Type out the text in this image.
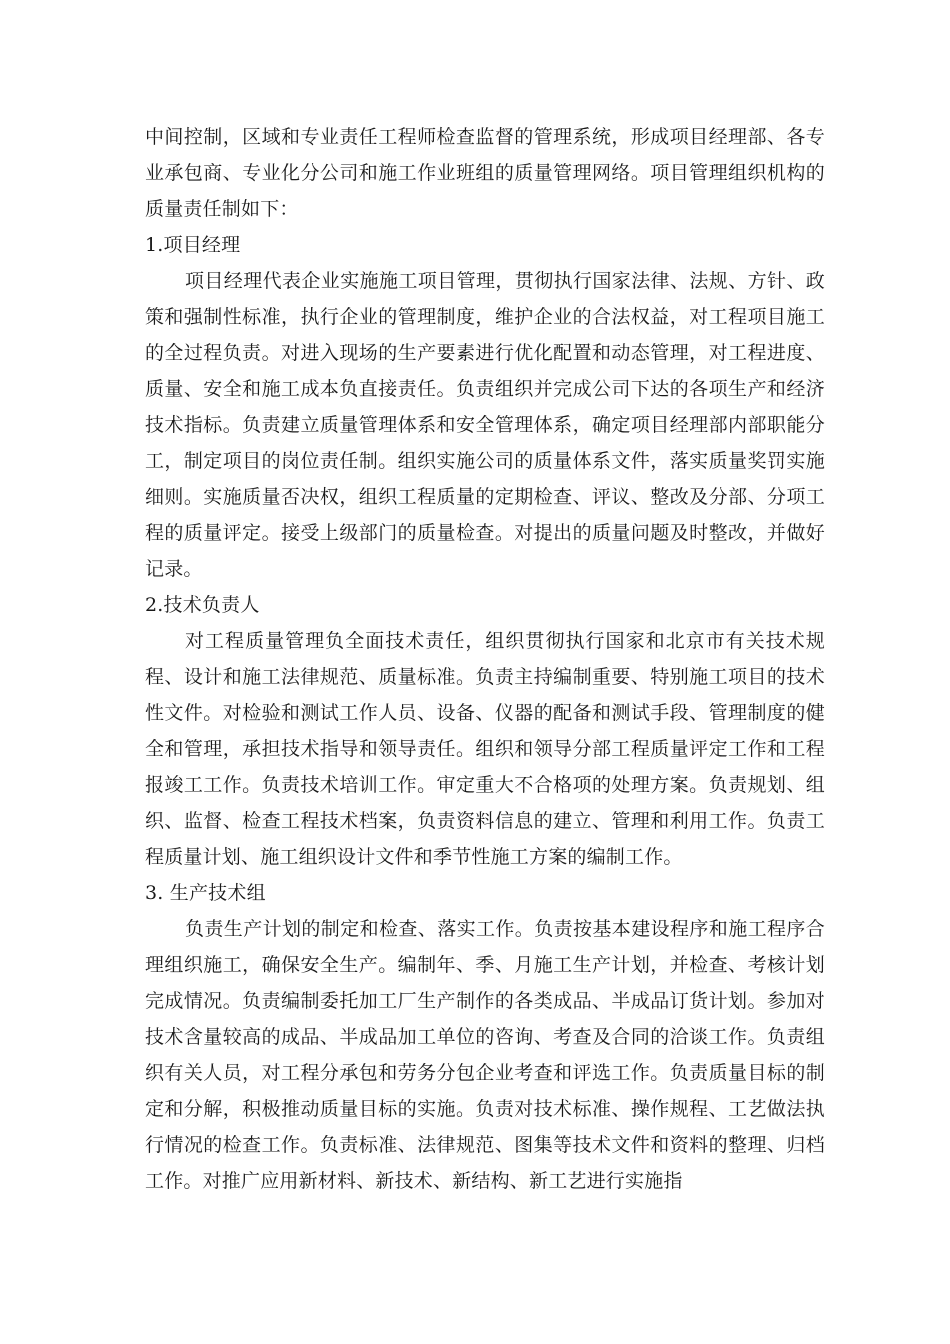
中间控制，区域和专业责任工程师检查监督的管理系统，形成项目经理部、各专业承包商、专业化分公司和施工作业班组的质量管理网络。项目管理组织机构的质量责任制如下：

1.项目经理

项目经理代表企业实施施工项目管理，贯彻执行国家法律、法规、方针、政策和强制性标准，执行企业的管理制度，维护企业的合法权益，对工程项目施工的全过程负责。对进入现场的生产要素进行优化配置和动态管理，对工程进度、质量、安全和施工成本负直接责任。负责组织并完成公司下达的各项生产和经济技术指标。负责建立质量管理体系和安全管理体系，确定项目经理部内部职能分工，制定项目的岗位责任制。组织实施公司的质量体系文件，落实质量奖罚实施细则。实施质量否决权，组织工程质量的定期检查、评议、整改及分部、分项工程的质量评定。接受上级部门的质量检查。对提出的质量问题及时整改，并做好记录。

2.技术负责人

对工程质量管理负全面技术责任，组织贯彻执行国家和北京市有关技术规程、设计和施工法律规范、质量标准。负责主持编制重要、特别施工项目的技术性文件。对检验和测试工作人员、设备、仪器的配备和测试手段、管理制度的健全和管理，承担技术指导和领导责任。组织和领导分部工程质量评定工作和工程报竣工工作。负责技术培训工作。审定重大不合格项的处理方案。负责规划、组织、监督、检查工程技术档案，负责资料信息的建立、管理和利用工作。负责工程质量计划、施工组织设计文件和季节性施工方案的编制工作。

3. 生产技术组

负责生产计划的制定和检查、落实工作。负责按基本建设程序和施工程序合理组织施工，确保安全生产。编制年、季、月施工生产计划，并检查、考核计划完成情况。负责编制委托加工厂生产制作的各类成品、半成品订货计划。参加对技术含量较高的成品、半成品加工单位的咨询、考查及合同的洽谈工作。负责组织有关人员，对工程分承包和劳务分包企业考查和评选工作。负责质量目标的制定和分解，积极推动质量目标的实施。负责对技术标准、操作规程、工艺做法执行情况的检查工作。负责标准、法律规范、图集等技术文件和资料的整理、归档工作。对推广应用新材料、新技术、新结构、新工艺进行实施指
